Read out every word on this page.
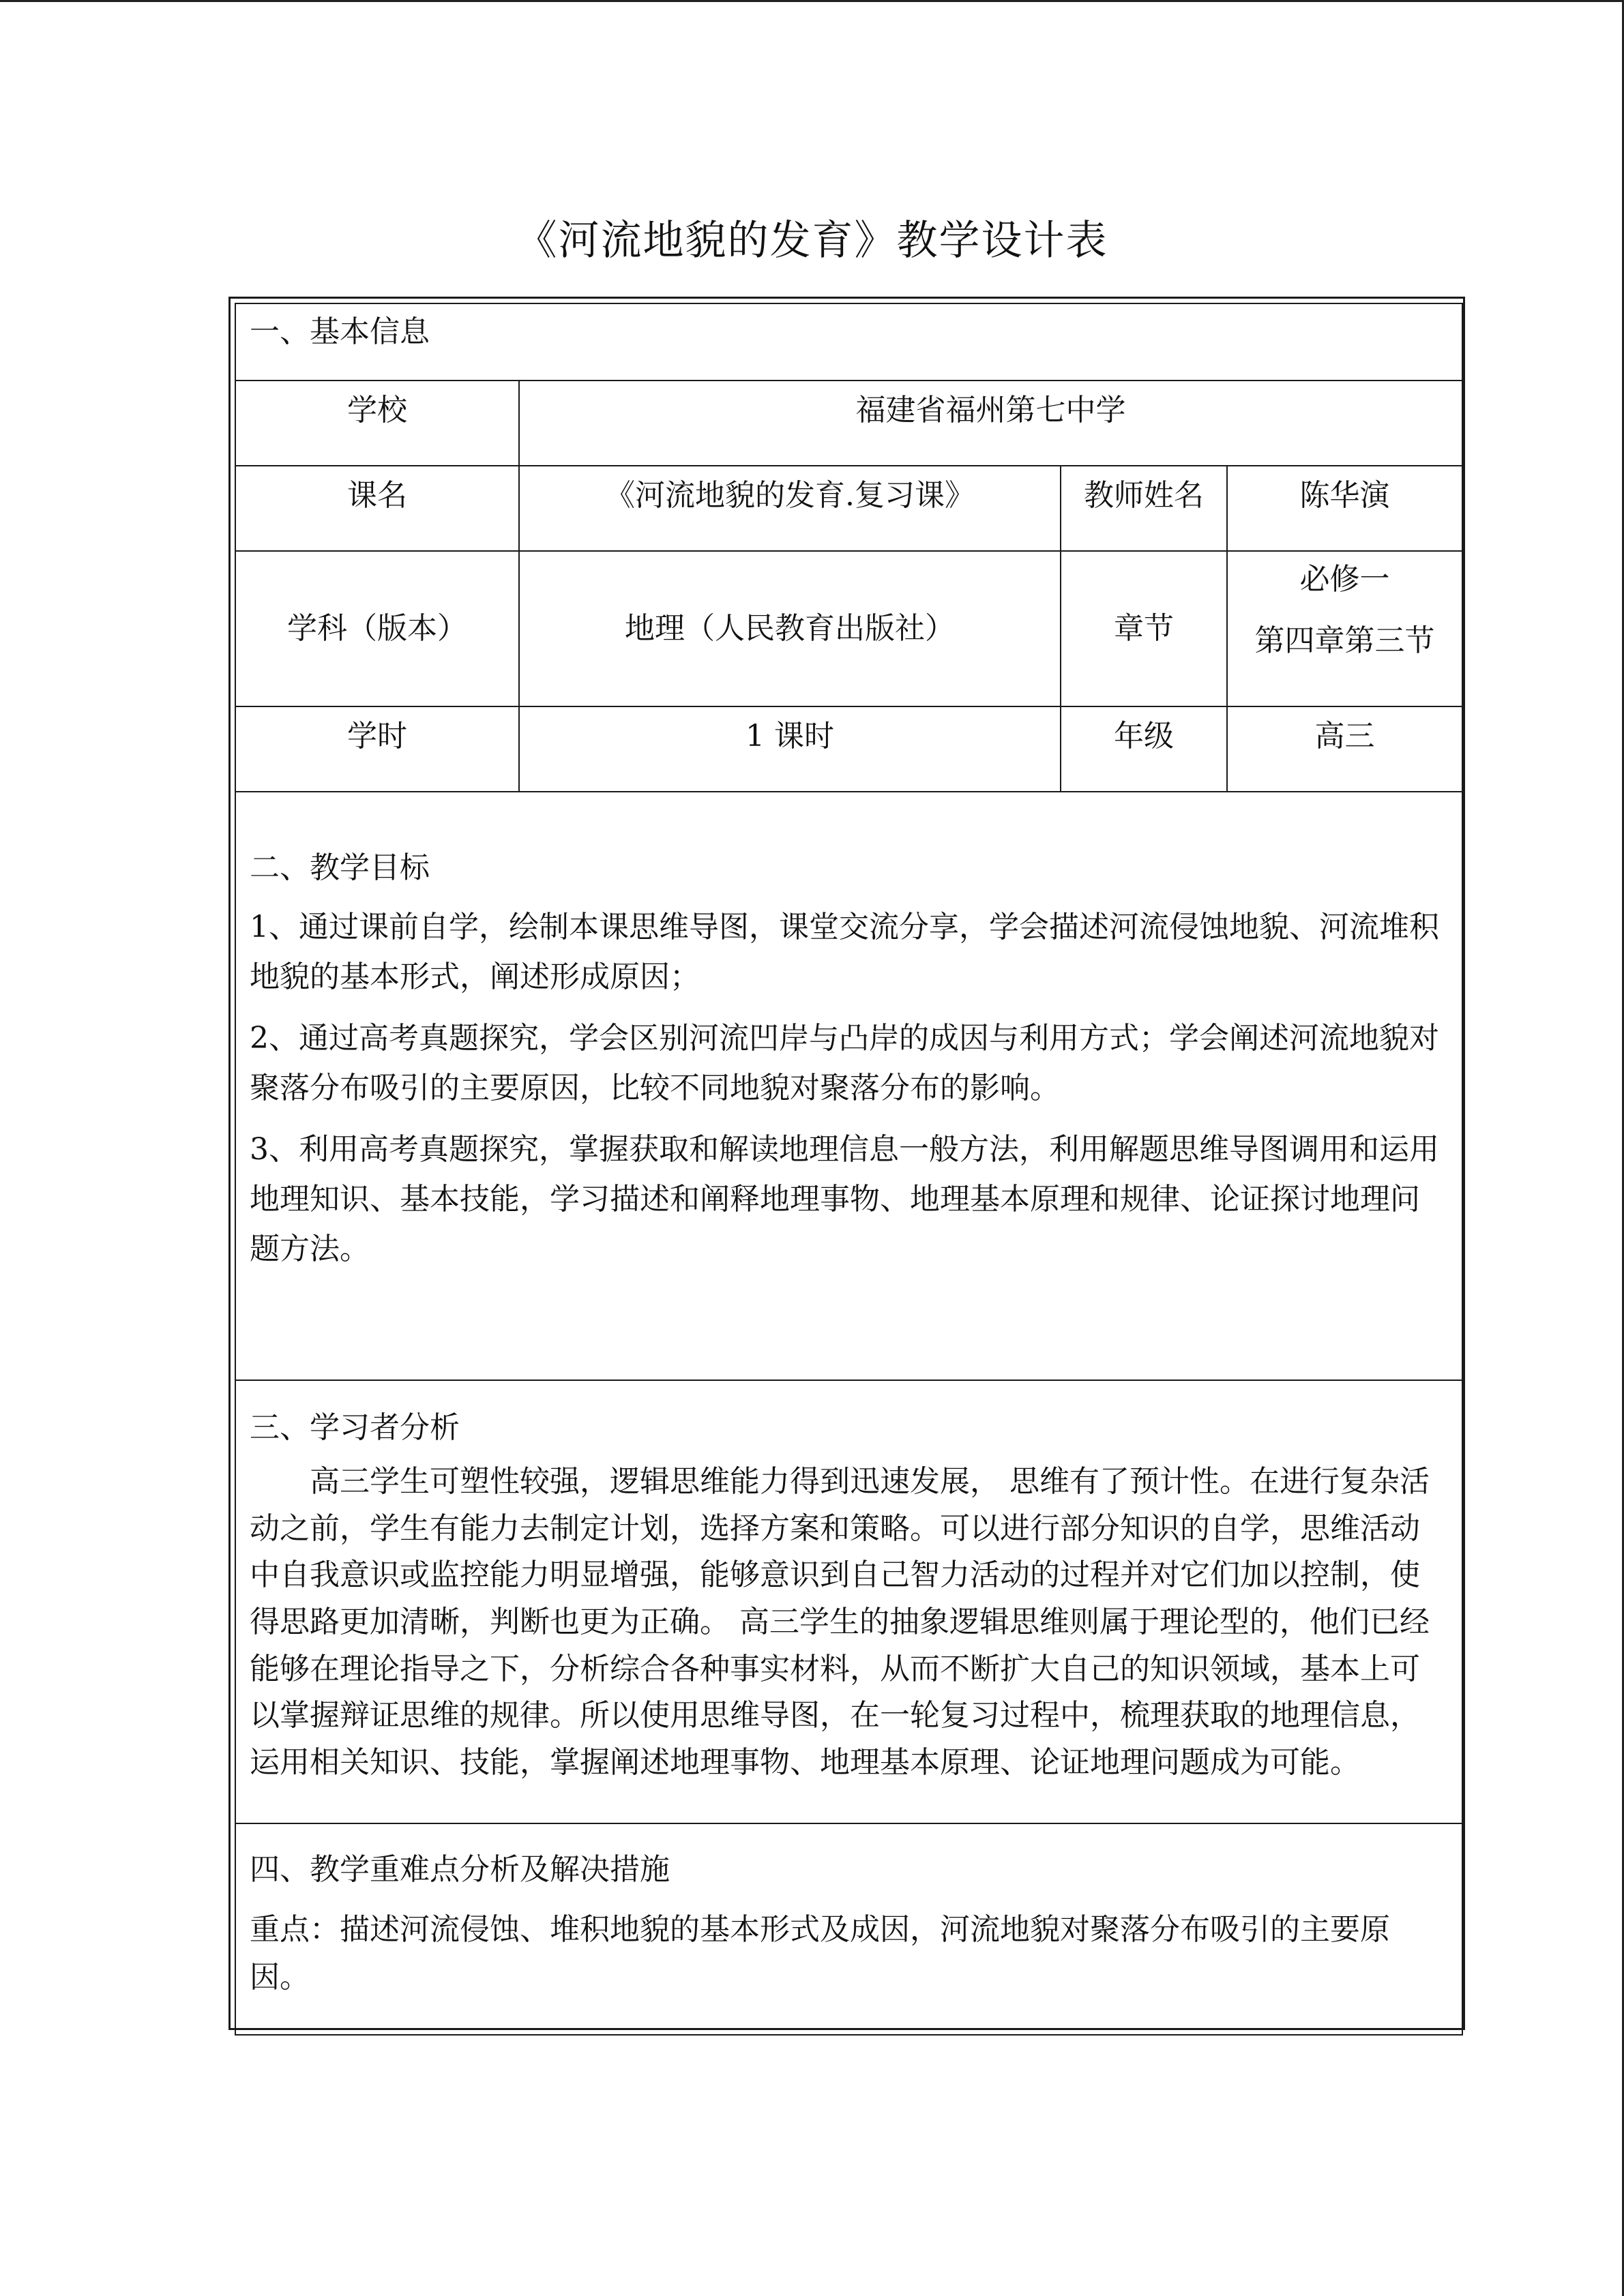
《河流地貌的发育》教学设计表
一、基本信息			

学校	福建省福州第七中学		
课名	《河流地貌的发育.复习课》	教师姓名	陈华演
学科（版本）	地理（人民教育出版社）	章节	必修一
第四章第三节

学时	1 课时	年级	高三

二、教学目标

1、通过课前自学，绘制本课思维导图，课堂交流分享，学会描述河流侵蚀地貌、河流堆积地貌的基本形式，阐述形成原因；

2、通过高考真题探究，学会区别河流凹岸与凸岸的成因与利用方式；学会阐述河流地貌对聚落分布吸引的主要原因，比较不同地貌对聚落分布的影响。

3、利用高考真题探究，掌握获取和解读地理信息一般方法，利用解题思维导图调用和运用地理知识、基本技能，学习描述和阐释地理事物、地理基本原理和规律、论证探讨地理问题方法。			

三、学习者分析

高三学生可塑性较强，逻辑思维能力得到迅速发展， 思维有了预计性。在进行复杂活动之前，学生有能力去制定计划，选择方案和策略。可以进行部分知识的自学，思维活动中自我意识或监控能力明显增强，能够意识到自己智力活动的过程并对它们加以控制，使得思路更加清晰，判断也更为正确。 高三学生的抽象逻辑思维则属于理论型的，他们已经能够在理论指导之下，分析综合各种事实材料，从而不断扩大自己的知识领域，基本上可以掌握辩证思维的规律。所以使用思维导图，在一轮复习过程中，梳理获取的地理信息，运用相关知识、技能，掌握阐述地理事物、地理基本原理、论证地理问题成为可能。			

四、教学重难点分析及解决措施

重点：描述河流侵蚀、堆积地貌的基本形式及成因，河流地貌对聚落分布吸引的主要原因。			
